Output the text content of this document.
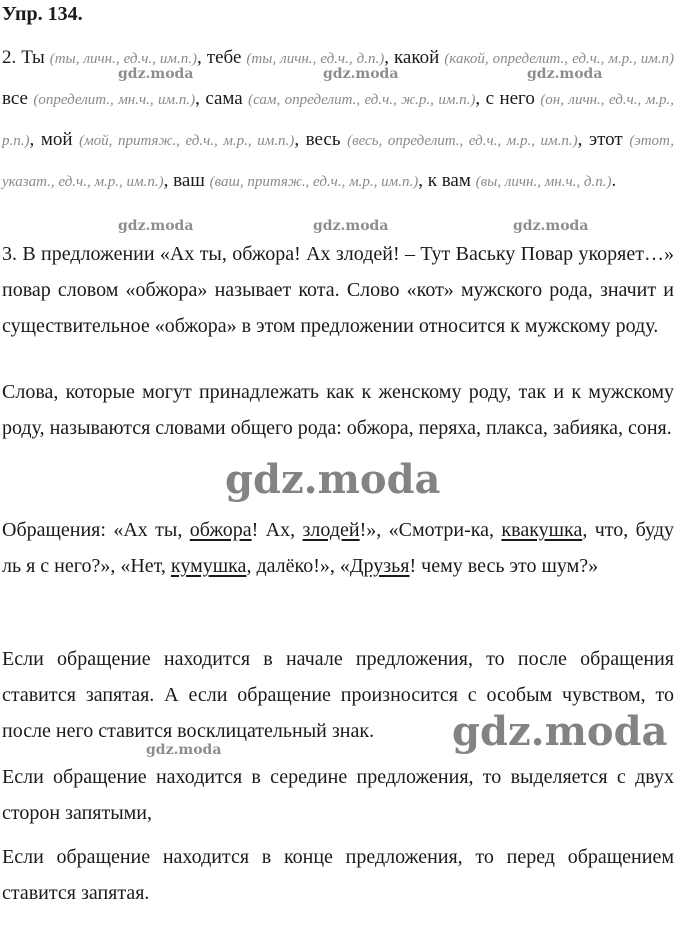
Упр. 134.
2. Ты (ты, личн., ед.ч., им.п.), тебе (ты, личн., ед.ч., д.п.), какой (какой, определит., ед.ч., м.р., им.п) все (определит., мн.ч., им.п.), сама (сам, определит., ед.ч., ж.р., им.п.), с него (он, личн., ед.ч., м.р., р.п.), мой (мой, притяж., ед.ч., м.р., им.п.), весь (весь, определит., ед.ч., м.р., им.п.), этот (этот, указат., ед.ч., м.р., им.п.), ваш (ваш, притяж., ед.ч., м.р., им.п.), к вам (вы, личн., мн.ч., д.п.).
3. В предложении «Ах ты, обжора! Ах злодей! – Тут Ваську Повар укоряет…» повар словом «обжора» называет кота. Слово «кот» мужского рода, значит и существительное «обжора» в этом предложении относится к мужскому роду.
Слова, которые могут принадлежать как к женскому роду, так и к мужскому роду, называются словами общего рода: обжора, перяха, плакса, забияка, соня.
Обращения: «Ах ты, обжора! Ах, злодей!», «Смотри-ка, квакушка, что, буду ль я с него?», «Нет, кумушка, далёко!», «Друзья! чему весь это шум?»
Если обращение находится в начале предложения, то после обращения ставится запятая. А если обращение произносится с особым чувством, то после него ставится восклицательный знак.
Если обращение находится в середине предложения, то выделяется с двух сторон запятыми,
Если обращение находится в конце предложения, то перед обращением ставится запятая.
gdz.moda	gdz.moda	gdz.moda
gdz.moda	gdz.moda	gdz.moda
gdz.moda
gdz.moda
gdz.moda
